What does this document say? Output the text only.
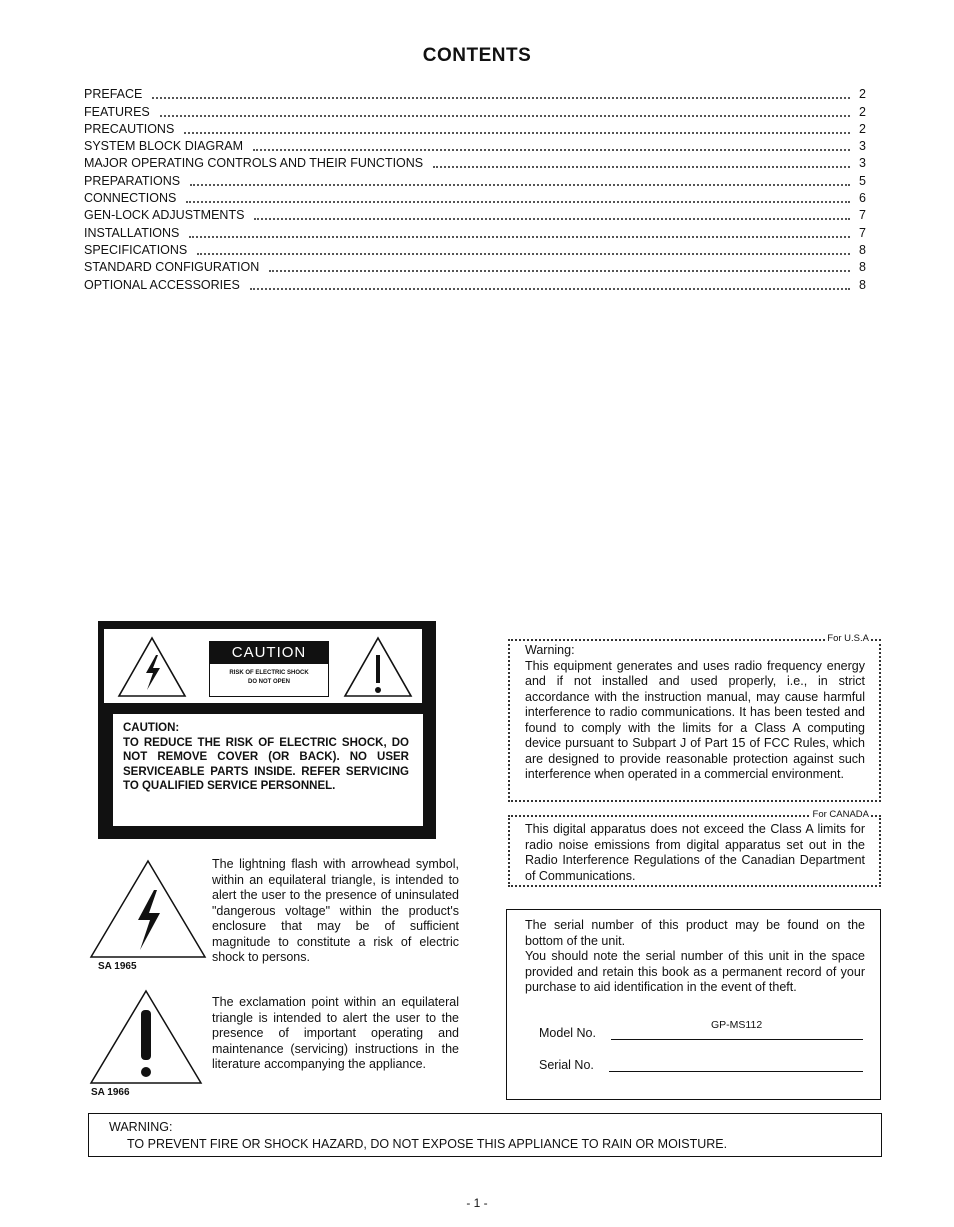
CONTENTS
PREFACE	2
FEATURES	2
PRECAUTIONS	2
SYSTEM BLOCK DIAGRAM	3
MAJOR OPERATING CONTROLS AND THEIR FUNCTIONS	3
PREPARATIONS	5
CONNECTIONS	6
GEN-LOCK ADJUSTMENTS	7
INSTALLATIONS	7
SPECIFICATIONS	8
STANDARD CONFIGURATION	8
OPTIONAL ACCESSORIES	8
CAUTION
RISK OF ELECTRIC SHOCK
DO NOT OPEN
CAUTION:
TO REDUCE THE RISK OF ELECTRIC SHOCK, DO NOT REMOVE COVER (OR BACK). NO USER SERVICEABLE PARTS INSIDE. REFER SERVICING TO QUALIFIED SERVICE PERSONNEL.
SA 1965
The lightning flash with arrowhead symbol, within an equilateral triangle, is intended to alert the user to the presence of uninsulated "dangerous voltage" within the product's enclosure that may be of sufficient magnitude to constitute a risk of electric shock to persons.
SA 1966
The exclamation point within an equilateral triangle is intended to alert the user to the presence of important operating and maintenance (servicing) instructions in the literature accompanying the appliance.
For U.S.A
Warning:
This equipment generates and uses radio frequency energy and if not installed and used properly, i.e., in strict accordance with the instruction manual, may cause harmful interference to radio communications. It has been tested and found to comply with the limits for a Class A computing device pursuant to Subpart J of Part 15 of FCC Rules, which are designed to provide reasonable protection against such interference when operated in a commercial environment.
For CANADA
This digital apparatus does not exceed the Class A limits for radio noise emissions from digital apparatus set out in the Radio Interference Regulations of the Canadian Department of Communications.
The serial number of this product may be found on the bottom of the unit.
You should note the serial number of this unit in the space provided and retain this book as a permanent record of your purchase to aid identification in the event of theft.
Model No.
GP-MS112
Serial No.
WARNING:
TO PREVENT FIRE OR SHOCK HAZARD, DO NOT EXPOSE THIS APPLIANCE TO RAIN OR MOISTURE.
- 1 -
